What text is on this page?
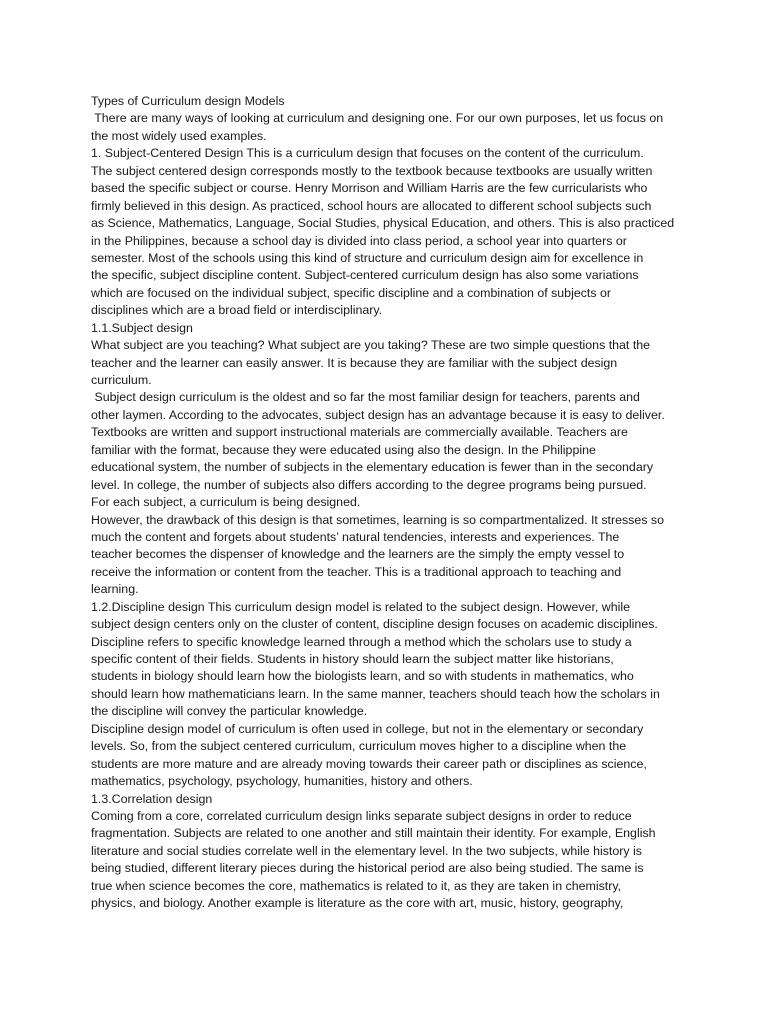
Types of Curriculum design Models
There are many ways of looking at curriculum and designing one. For our own purposes, let us focus on
the most widely used examples.
1. Subject-Centered Design This is a curriculum design that focuses on the content of the curriculum.
The subject centered design corresponds mostly to the textbook because textbooks are usually written
based the specific subject or course. Henry Morrison and William Harris are the few curricularists who
firmly believed in this design. As practiced, school hours are allocated to different school subjects such
as Science, Mathematics, Language, Social Studies, physical Education, and others. This is also practiced
in the Philippines, because a school day is divided into class period, a school year into quarters or
semester. Most of the schools using this kind of structure and curriculum design aim for excellence in
the specific, subject discipline content. Subject-centered curriculum design has also some variations
which are focused on the individual subject, specific discipline and a combination of subjects or
disciplines which are a broad field or interdisciplinary.
1.1.Subject design
What subject are you teaching? What subject are you taking? These are two simple questions that the
teacher and the learner can easily answer. It is because they are familiar with the subject design
curriculum.
Subject design curriculum is the oldest and so far the most familiar design for teachers, parents and
other laymen. According to the advocates, subject design has an advantage because it is easy to deliver.
Textbooks are written and support instructional materials are commercially available. Teachers are
familiar with the format, because they were educated using also the design. In the Philippine
educational system, the number of subjects in the elementary education is fewer than in the secondary
level. In college, the number of subjects also differs according to the degree programs being pursued.
For each subject, a curriculum is being designed.
However, the drawback of this design is that sometimes, learning is so compartmentalized. It stresses so
much the content and forgets about students’ natural tendencies, interests and experiences. The
teacher becomes the dispenser of knowledge and the learners are the simply the empty vessel to
receive the information or content from the teacher. This is a traditional approach to teaching and
learning.
1.2.Discipline design This curriculum design model is related to the subject design. However, while
subject design centers only on the cluster of content, discipline design focuses on academic disciplines.
Discipline refers to specific knowledge learned through a method which the scholars use to study a
specific content of their fields. Students in history should learn the subject matter like historians,
students in biology should learn how the biologists learn, and so with students in mathematics, who
should learn how mathematicians learn. In the same manner, teachers should teach how the scholars in
the discipline will convey the particular knowledge.
Discipline design model of curriculum is often used in college, but not in the elementary or secondary
levels. So, from the subject centered curriculum, curriculum moves higher to a discipline when the
students are more mature and are already moving towards their career path or disciplines as science,
mathematics, psychology, psychology, humanities, history and others.
1.3.Correlation design
Coming from a core, correlated curriculum design links separate subject designs in order to reduce
fragmentation. Subjects are related to one another and still maintain their identity. For example, English
literature and social studies correlate well in the elementary level. In the two subjects, while history is
being studied, different literary pieces during the historical period are also being studied. The same is
true when science becomes the core, mathematics is related to it, as they are taken in chemistry,
physics, and biology. Another example is literature as the core with art, music, history, geography,
